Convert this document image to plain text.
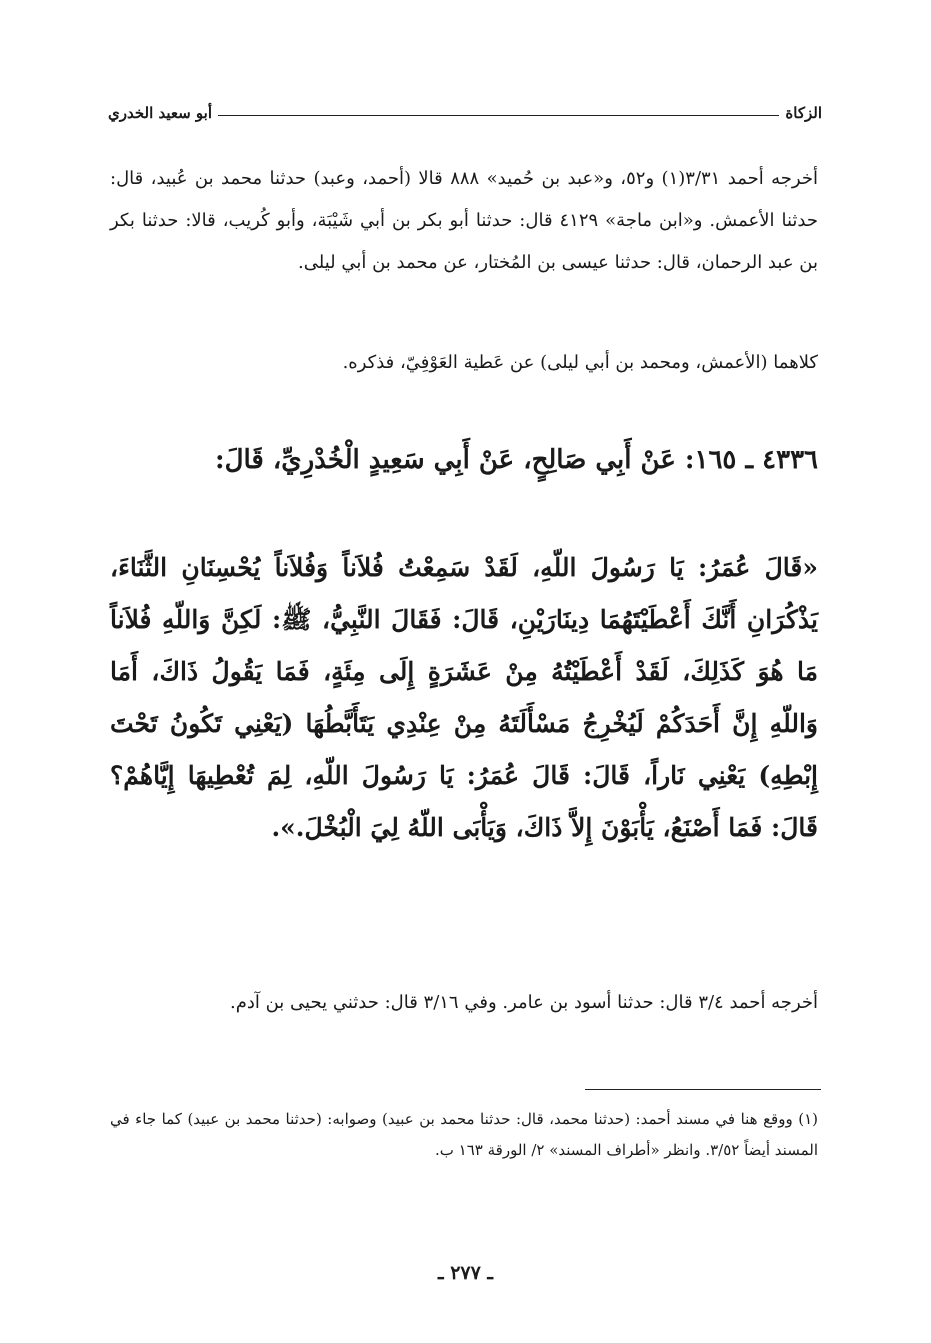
الزكاة
أبو سعيد الخدري

أخرجه أحمد ٣/٣١(١) و٥٢، و«عبد بن حُميد» ٨٨٨ قالا (أحمد، وعبد) حدثنا محمد بن عُبيد، قال: حدثنا الأعمش. و«ابن ماجة» ٤١٢٩ قال: حدثنا أبو بكر بن أبي شَيْبَة، وأبو كُريب، قالا: حدثنا بكر بن عبد الرحمان، قال: حدثنا عيسى بن المُختار، عن محمد بن أبي ليلى.

كلاهما (الأعمش، ومحمد بن أبي ليلى) عن عَطية العَوْفِيّ، فذكره.

٤٣٣٦ ـ ١٦٥: عَنْ أَبِي صَالِحٍ، عَنْ أَبِي سَعِيدٍ الْخُدْرِيِّ، قَالَ:

«قَالَ عُمَرُ: يَا رَسُولَ اللّهِ، لَقَدْ سَمِعْتُ فُلاَناً وَفُلاَناً يُحْسِنَانِ الثَّنَاءَ، يَذْكُرَانِ أَنَّكَ أَعْطَيْتَهُمَا دِينَارَيْنِ، قَالَ: فَقَالَ النَّبِيُّ، ﷺ: لَكِنَّ وَاللّهِ فُلاَناً مَا هُوَ كَذَلِكَ، لَقَدْ أَعْطَيْتُهُ مِنْ عَشَرَةٍ إِلَى مِئَةٍ، فَمَا يَقُولُ ذَاكَ، أَمَا وَاللّهِ إِنَّ أَحَدَكُمْ لَيُخْرِجُ مَسْأَلَتَهُ مِنْ عِنْدِي يَتَأَبَّطُهَا (يَعْنِي تَكُونُ تَحْتَ إِبْطِهِ) يَعْنِي نَاراً، قَالَ: قَالَ عُمَرُ: يَا رَسُولَ اللّهِ، لِمَ تُعْطِيهَا إِيَّاهُمْ؟ قَالَ: فَمَا أَصْنَعُ، يَأْبَوْنَ إِلاَّ ذَاكَ، وَيَأْبَى اللّهُ لِيَ الْبُخْلَ.».

أخرجه أحمد ٣/٤ قال: حدثنا أسود بن عامر. وفي ٣/١٦ قال: حدثني يحيى بن آدم.

(١) ووقع هنا في مسند أحمد: (حدثنا محمد، قال: حدثنا محمد بن عبيد) وصوابه: (حدثنا محمد بن عبيد) كما جاء في المسند أيضاً ٣/٥٢. وانظر «أطراف المسند» ٢/ الورقة ١٦٣ ب.

ـ ٢٧٧ ـ
